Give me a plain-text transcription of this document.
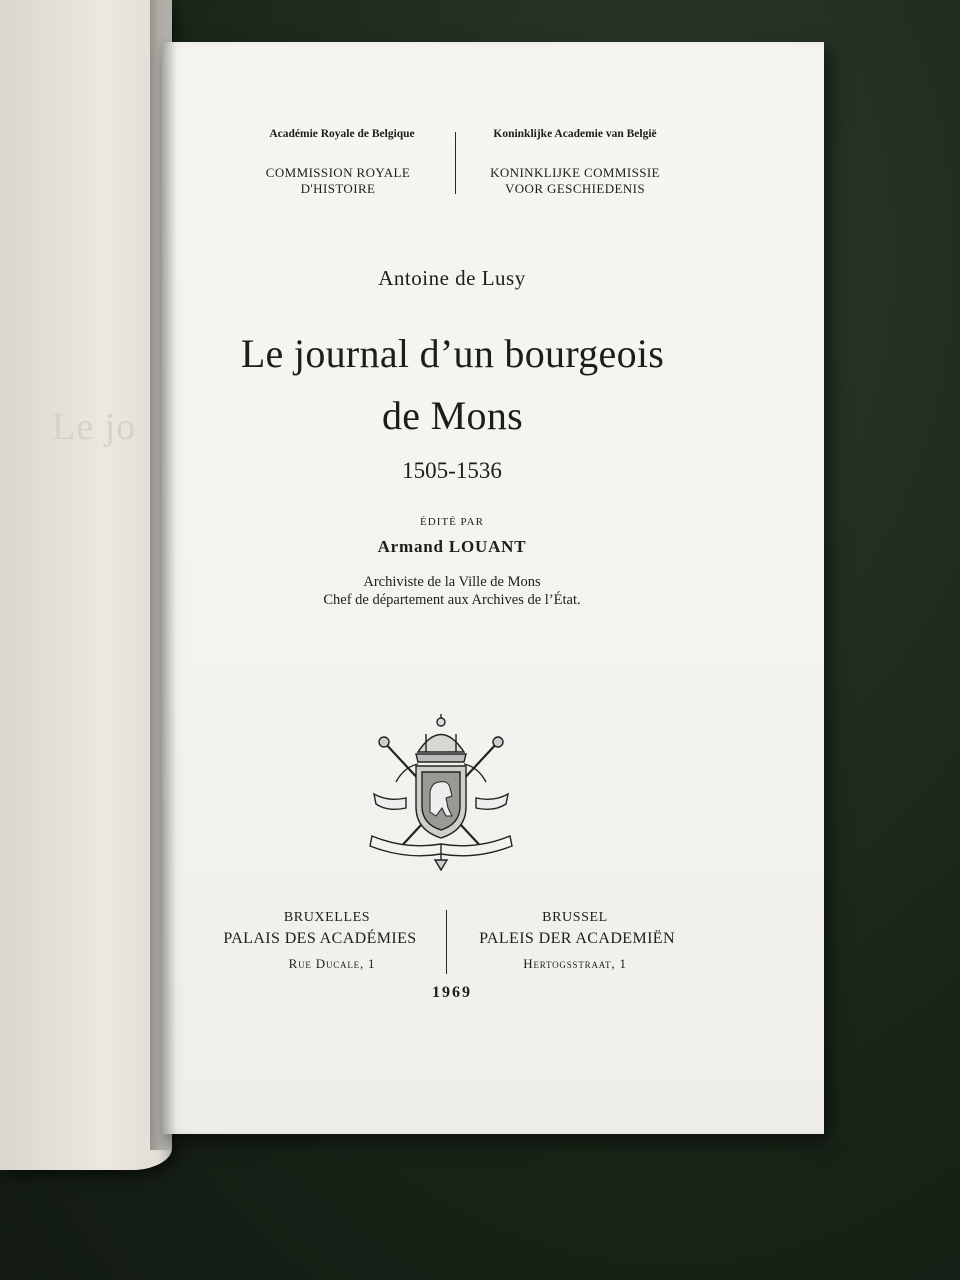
Le jo
Académie Royale de Belgique	Koninklijke Academie van België
COMMISSION ROYALE
D'HISTOIRE
KONINKLIJKE COMMISSIE
VOOR GESCHIEDENIS
Antoine de Lusy
Le journal d’un bourgeois
de Mons
1505-1536
ÉDITÉ PAR
Armand LOUANT
Archiviste de la Ville de Mons
Chef de département aux Archives de l’État.
BRUXELLES
PALAIS DES ACADÉMIES
Rue Ducale, 1
BRUSSEL
PALEIS DER ACADEMIËN
Hertogsstraat, 1
1969
